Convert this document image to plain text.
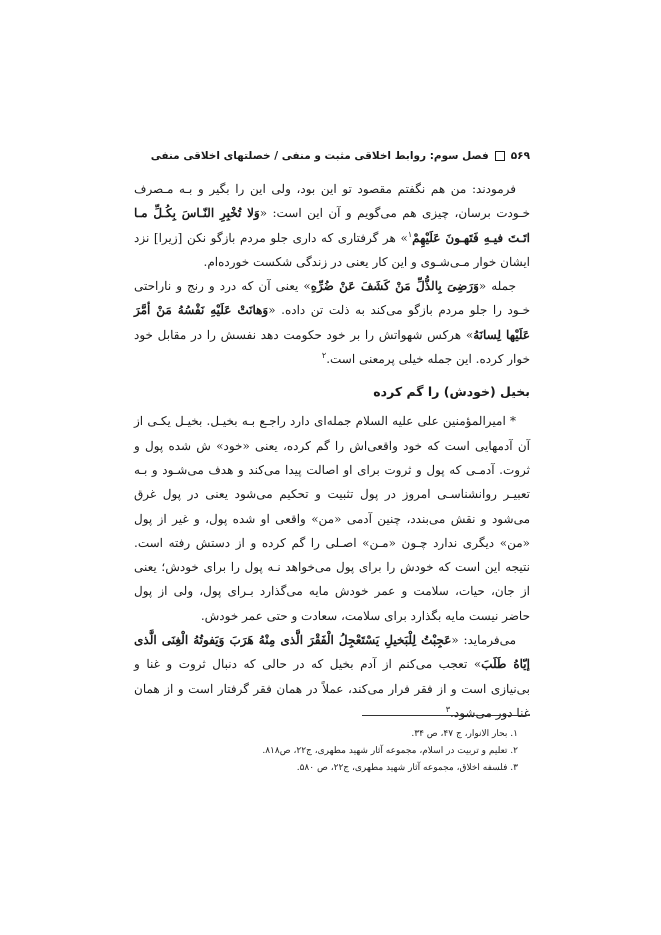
۵۶۹
فصل سوم: روابط اخلاقی مثبت و منفی / خصلتهای اخلاقی منفی

فرمودند: من هم نگفتم مقصود تو این بود، ولی این را بگیر و بـه مـصرف خـودت برسان، چیزی هم می‌گویم و آن این است: «وَلا تُخْبِرِ النّـاسَ بِکُـلِّ مـا اتَـتَ فیـهِ فَتَهـونَ عَلَیْهِمْ$^۱$» هر گرفتاری که داری جلو مردم بازگو نکن [زیرا] نزد ایشان خوار مـی‌شـوی و این کار یعنی در زندگی شکست خورده‌ام.

جمله «وَرَضِیَ بِالذُّلِّ مَنْ کَشَفَ عَنْ ضُرِّهِ» یعنی آن که درد و رنج و ناراحتی خـود را جلو مردم بازگو می‌کند به ذلت تن داده. «وَهانَتْ عَلَیْهِ نَفْسُهُ مَنْ أمَّرَ عَلَیْها لِسانَهُ» هرکس شهواتش را بر خود حکومت دهد نفسش را در مقابل خود خوار کرده. این جمله خیلی پرمعنی است.$^۲$

بخیل (خودش) را گم کرده

* امیرالمؤمنین علی علیه السلام جمله‌ای دارد راجـع بـه بخیـل. بخیـل یکـی از آن آدمهایی است که خود واقعی‌اش را گم کرده، یعنی «خود» ش شده پول و ثروت. آدمـی که پول و ثروت برای او اصالت پیدا می‌کند و هدف می‌شـود و بـه تعبیـر روانشناسـی امروز در پول تثبیت و تحکیم می‌شود یعنی در پول غرق می‌شود و نقش می‌بندد، چنین آدمی «من» واقعی او شده پول، و غیر از پول «من» دیگری ندارد چـون «مـن» اصـلی را گم کرده و از دستش رفته است. نتیجه این است که خودش را برای پول می‌خواهد نـه پول را برای خودش؛ یعنی از جان، حیات، سلامت و عمر خودش مایه می‌گذارد بـرای پول، ولی از پول حاضر نیست مایه بگذارد برای سلامت، سعادت و حتی عمر خودش.

می‌فرماید: «عَجِبْتُ لِلْبَخیلِ یَسْتَعْجِلُ الْفَقْرَ الَّذی مِنْهُ هَرَبَ وَیَفوتُهُ الْغِنَی الَّذی إیّاهُ طَلَبَ» تعجب می‌کنم از آدم بخیل که در حالی که دنبال ثروت و غنا و بی‌نیازی است و از فقر فرار می‌کند، عملاً در همان فقر گرفتار است و از همان غنا دور می‌شود.$^۳$

۱. بحار الانوار، ج ۴۷، ص ۳۴.
۲. تعلیم و تربیت در اسلام، مجموعه آثار شهید مطهری، ج۲۲، ص۸۱۸.
۳. فلسفه اخلاق، مجموعه آثار شهید مطهری، ج۲۲، ص ۵۸۰.
